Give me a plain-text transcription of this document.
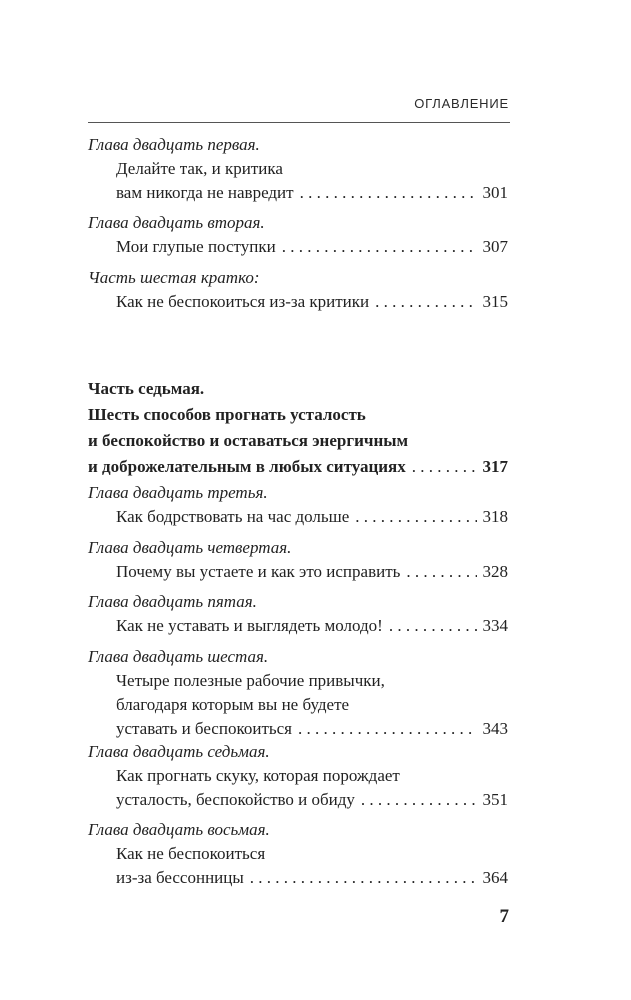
ОГЛАВЛЕНИЕ
Глава двадцать первая.
Делайте так, и критика
вам никогда не навредит . . .	301
Глава двадцать вторая.
Мои глупые поступки . . .	307
Часть шестая кратко:
Как не беспокоиться из-за критики . . .	315
Часть седьмая.
Шесть способов прогнать усталость
и беспокойство и оставаться энергичным
и доброжелательным в любых ситуациях . . .	317
Глава двадцать третья.
Как бодрствовать на час дольше . . .	318
Глава двадцать четвертая.
Почему вы устаете и как это исправить . . .	328
Глава двадцать пятая.
Как не уставать и выглядеть молодо! . . .	334
Глава двадцать шестая.
Четыре полезные рабочие привычки,
благодаря которым вы не будете
уставать и беспокоиться . . .	343
Глава двадцать седьмая.
Как прогнать скуку, которая порождает
усталость, беспокойство и обиду . . .	351
Глава двадцать восьмая.
Как не беспокоиться
из-за бессонницы . . .	364
7
